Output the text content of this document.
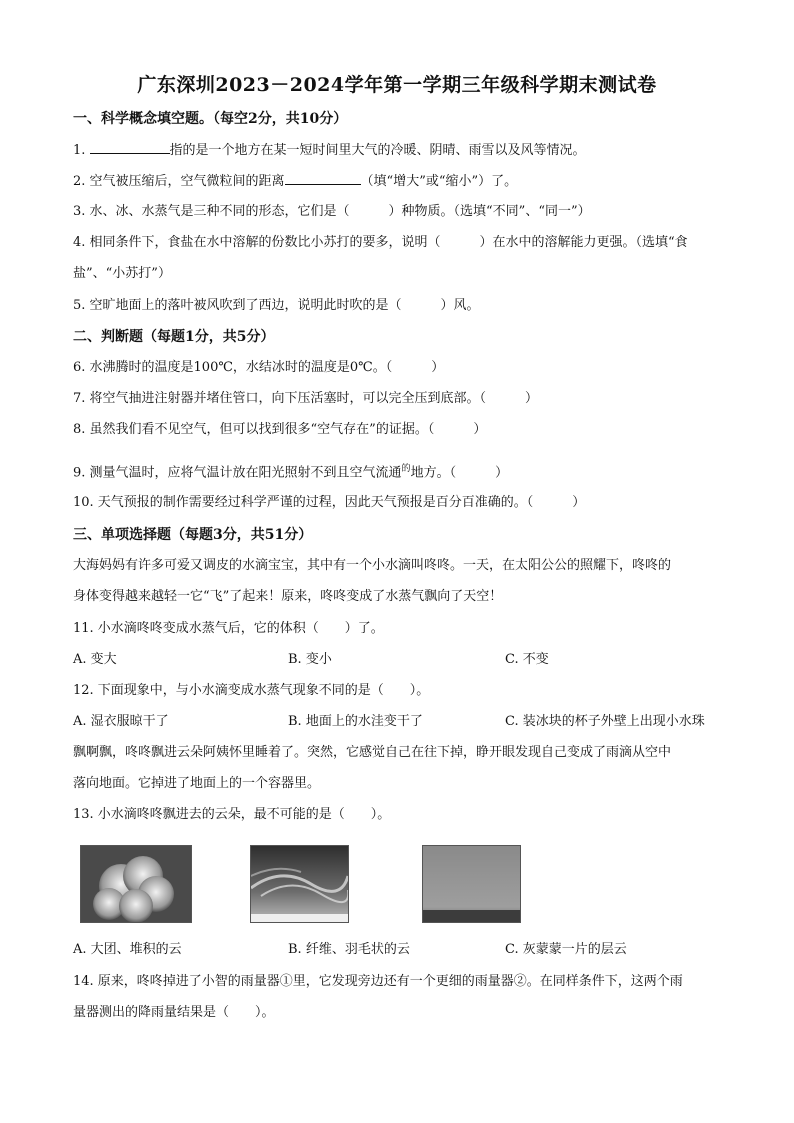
广东深圳2023－2024学年第一学期三年级科学期末测试卷
一、科学概念填空题。（每空2分，共10分）
1.	指的是一个地方在某一短时间里大气的冷暖、阴晴、雨雪以及风等情况。
2. 空气被压缩后，空气微粒间的距离	（填“增大”或“缩小”）了。
3. 水、冰、水蒸气是三种不同的形态，它们是（　　　）种物质。（选填“不同”、“同一”）
4. 相同条件下，食盐在水中溶解的份数比小苏打的要多，说明（　　　）在水中的溶解能力更强。（选填“食
盐”、“小苏打”）
5. 空旷地面上的落叶被风吹到了西边，说明此时吹的是（　　　）风。
二、判断题（每题1分，共5分）
6. 水沸腾时的温度是100℃，水结冰时的温度是0℃。（　　　）
7. 将空气抽进注射器并堵住管口，向下压活塞时，可以完全压到底部。（　　　）
8. 虽然我们看不见空气，但可以找到很多“空气存在”的证据。（　　　）
9. 测量气温时，应将气温计放在阳光照射不到且空气流通$^的$地方。（　　　）
10. 天气预报的制作需要经过科学严谨的过程，因此天气预报是百分百准确的。（　　　）
三、单项选择题（每题3分，共51分）
大海妈妈有许多可爱又调皮的水滴宝宝，其中有一个小水滴叫咚咚。一天，在太阳公公的照耀下，咚咚的
身体变得越来越轻一它“飞”了起来！原来，咚咚变成了水蒸气飘向了天空！
11. 小水滴咚咚变成水蒸气后，它的体积（　　）了。
A. 变大	B. 变小	C. 不变
12. 下面现象中，与小水滴变成水蒸气现象不同的是（　　）。
A. 湿衣服晾干了	B. 地面上的水洼变干了	C. 装冰块的杯子外壁上出现小水珠
飘啊飘，咚咚飘进云朵阿姨怀里睡着了。突然，它感觉自己在往下掉，睁开眼发现自己变成了雨滴从空中
落向地面。它掉进了地面上的一个容器里。
13. 小水滴咚咚飘进去的云朵，最不可能的是（　　）。
A. 大团、堆积的云	B. 纤维、羽毛状的云	C. 灰蒙蒙一片的层云
14. 原来，咚咚掉进了小智的雨量器①里，它发现旁边还有一个更细的雨量器②。在同样条件下，这两个雨
量器测出的降雨量结果是（　　）。
